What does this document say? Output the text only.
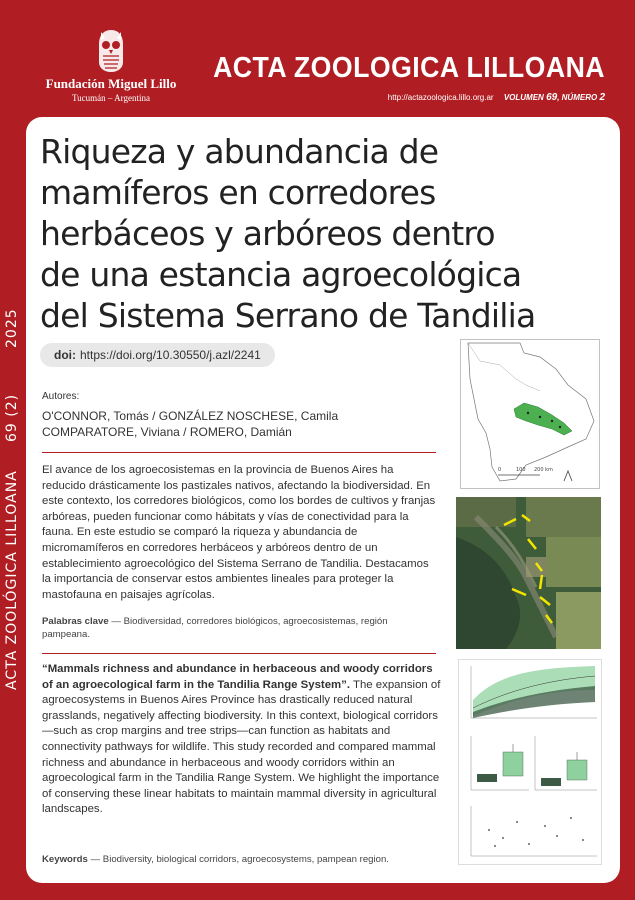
ACTA ZOOLÓGICA LILLOANA
69 (2)
2025
Fundación Miguel Lillo
Tucumán – Argentina
ACTA ZOOLOGICA LILLOANA
http://actazoologica.lillo.org.ar VOLUMEN 69, NÚMERO 2
Riqueza y abundancia de mamíferos en corredores herbáceos y arbóreos dentro de una estancia agroecológica del Sistema Serrano de Tandilia
doi: https://doi.org/10.30550/j.azl/2241
Autores:
O'CONNOR, Tomás / GONZÁLEZ NOSCHESE, Camila
COMPARATORE, Viviana / ROMERO, Damián

El avance de los agroecosistemas en la provincia de Buenos Aires ha reducido drásticamente los pastizales nativos, afectando la biodiversidad. En este contexto, los corredores biológicos, como los bordes de cultivos y franjas arbóreas, pueden funcionar como hábitats y vías de conectividad para la fauna. En este estudio se comparó la riqueza y abundancia de micromamíferos en corredores herbáceos y arbóreos dentro de un establecimiento agroecológico del Sistema Serrano de Tandilia. Destacamos la importancia de conservar estos ambientes lineales para proteger la mastofauna en paisajes agrícolas.

Palabras clave — Biodiversidad, corredores biológicos, agroecosistemas, región pampeana.
“Mammals richness and abundance in herbaceous and woody corridors of an agroecological farm in the Tandilia Range System”. The expansion of agroecosystems in Buenos Aires Province has drastically reduced natural grasslands, negatively affecting biodiversity. In this context, biological corridors—such as crop margins and tree strips—can function as habitats and connectivity pathways for wildlife. This study recorded and compared mammal richness and abundance in herbaceous and woody corridors within an agroecological farm in the Tandilia Range System. We highlight the importance of conserving these linear habitats to maintain mammal diversity in agricultural landscapes.
Keywords — Biodiversity, biological corridors, agroecosystems, pampean region.
0	100 200 km
